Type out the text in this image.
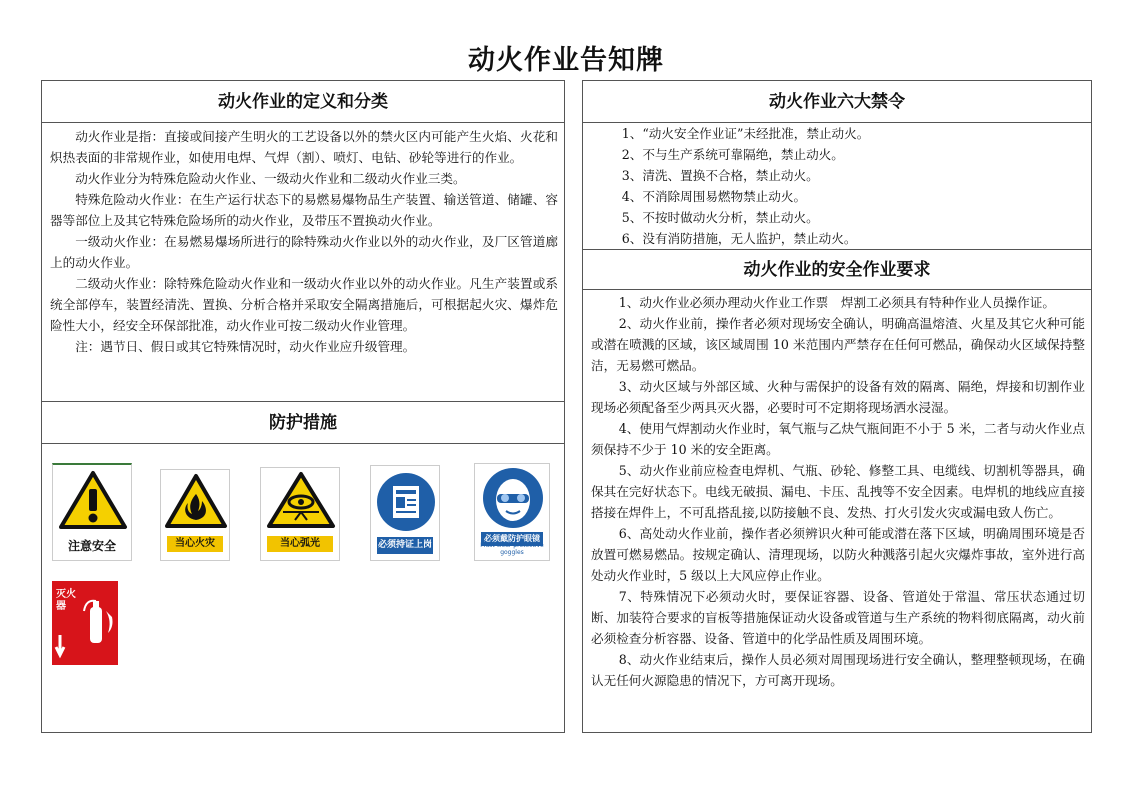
动火作业告知牌
动火作业的定义和分类

动火作业是指：直接或间接产生明火的工艺设备以外的禁火区内可能产生火焰、火花和炽热表面的非常规作业，如使用电焊、气焊（割）、喷灯、电钻、砂轮等进行的作业。

动火作业分为特殊危险动火作业、一级动火作业和二级动火作业三类。

特殊危险动火作业：在生产运行状态下的易燃易爆物品生产装置、输送管道、储罐、容器等部位上及其它特殊危险场所的动火作业，及带压不置换动火作业。

一级动火作业：在易燃易爆场所进行的除特殊动火作业以外的动火作业，及厂区管道廊上的动火作业。

二级动火作业：除特殊危险动火作业和一级动火作业以外的动火作业。凡生产装置或系统全部停车，装置经清洗、置换、分析合格并采取安全隔离措施后，可根据起火灾、爆炸危险性大小，经安全环保部批准，动火作业可按二级动火作业管理。

注：遇节日、假日或其它特殊情况时，动火作业应升级管理。

防护措施
注意安全	当心火灾	当心弧光	必须持证上岗
必须戴防护眼镜
Must wear protective goggles
灭火器
动火作业六大禁令

1、“动火安全作业证”未经批准，禁止动火。

2、不与生产系统可靠隔绝，禁止动火。

3、清洗、置换不合格，禁止动火。

4、不消除周围易燃物禁止动火。

5、不按时做动火分析，禁止动火。

6、没有消防措施，无人监护，禁止动火。

动火作业的安全作业要求

1、动火作业必须办理动火作业工作票　焊割工必须具有特种作业人员操作证。

2、动火作业前，操作者必须对现场安全确认，明确高温熔渣、火星及其它火种可能或潜在喷溅的区域，该区域周围 10 米范围内严禁存在任何可燃品，确保动火区域保持整洁，无易燃可燃品。

3、动火区域与外部区域、火种与需保护的设备有效的隔离、隔绝，焊接和切割作业现场必须配备至少两具灭火器，必要时可不定期将现场洒水浸湿。

4、使用气焊割动火作业时，氧气瓶与乙炔气瓶间距不小于 5 米，二者与动火作业点须保持不少于 10 米的安全距离。

5、动火作业前应检查电焊机、气瓶、砂轮、修整工具、电缆线、切割机等器具，确保其在完好状态下。电线无破损、漏电、卡压、乱拽等不安全因素。电焊机的地线应直接搭接在焊件上，不可乱搭乱接,以防接触不良、发热、打火引发火灾或漏电致人伤亡。

6、高处动火作业前，操作者必须辨识火种可能或潜在落下区域，明确周围环境是否放置可燃易燃品。按规定确认、清理现场，以防火种溅落引起火灾爆炸事故，室外进行高处动火作业时，5 级以上大风应停止作业。

7、特殊情况下必须动火时，要保证容器、设备、管道处于常温、常压状态通过切断、加装符合要求的盲板等措施保证动火设备或管道与生产系统的物料彻底隔离，动火前必须检查分析容器、设备、管道中的化学品性质及周围环境。

8、动火作业结束后，操作人员必须对周围现场进行安全确认，整理整顿现场，在确认无任何火源隐患的情况下，方可离开现场。
